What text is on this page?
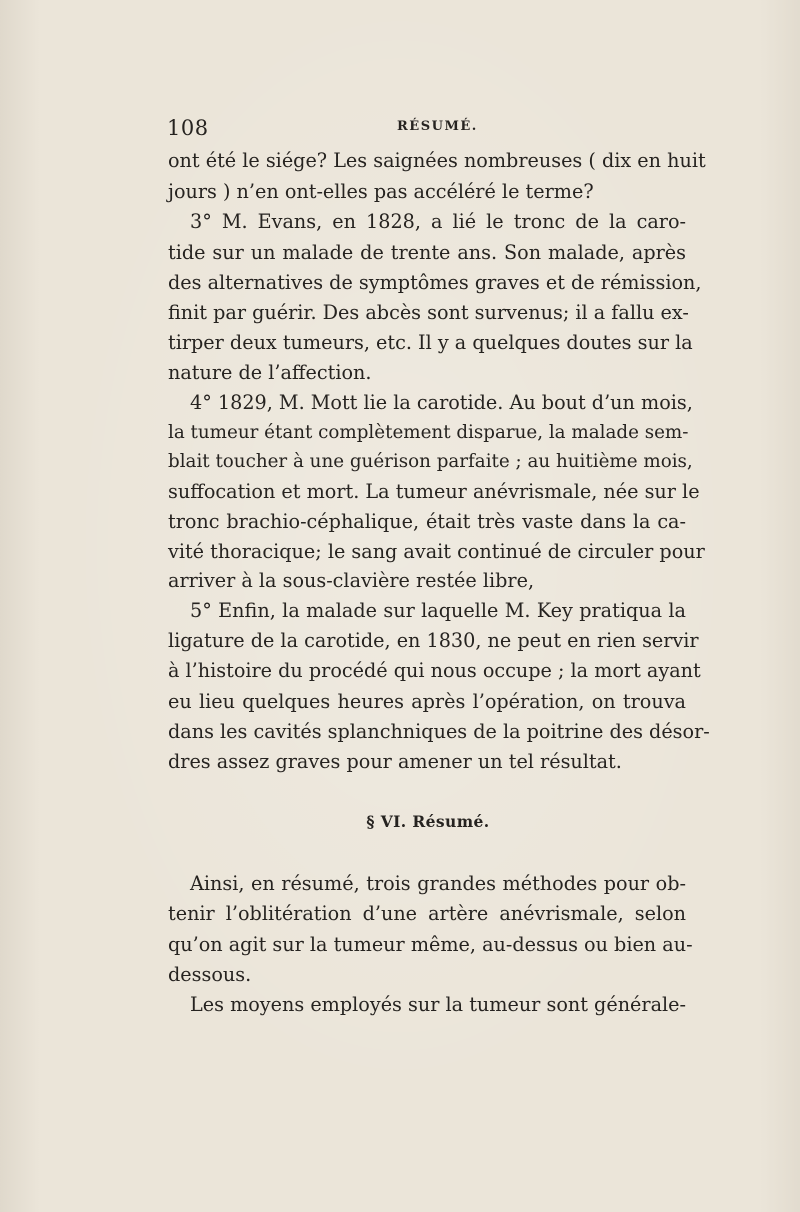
108	RÉSUMÉ.
ont été le siége? Les saignées nombreuses ( dix en huit
jours ) n’en ont-elles pas accéléré le terme?
3° M. Evans, en 1828, a lié le tronc de la caro-
tide sur un malade de trente ans. Son malade, après
des alternatives de symptômes graves et de rémission,
finit par guérir. Des abcès sont survenus; il a fallu ex-
tirper deux tumeurs, etc. Il y a quelques doutes sur la
nature de l’affection.
4° 1829, M. Mott lie la carotide. Au bout d’un mois,
la tumeur étant complètement disparue, la malade sem-
blait toucher à une guérison parfaite ; au huitième mois,
suffocation et mort. La tumeur anévrismale, née sur le
tronc brachio-céphalique, était très vaste dans la ca-
vité thoracique; le sang avait continué de circuler pour
arriver à la sous-clavière restée libre,
5° Enfin, la malade sur laquelle M. Key pratiqua la
ligature de la carotide, en 1830, ne peut en rien servir
à l’histoire du procédé qui nous occupe ; la mort ayant
eu lieu quelques heures après l’opération, on trouva
dans les cavités splanchniques de la poitrine des désor-
dres assez graves pour amener un tel résultat.
§ VI. Résumé.
Ainsi, en résumé, trois grandes méthodes pour ob-
tenir l’oblitération d’une artère anévrismale, selon
qu’on agit sur la tumeur même, au-dessus ou bien au-
dessous.
Les moyens employés sur la tumeur sont générale-
